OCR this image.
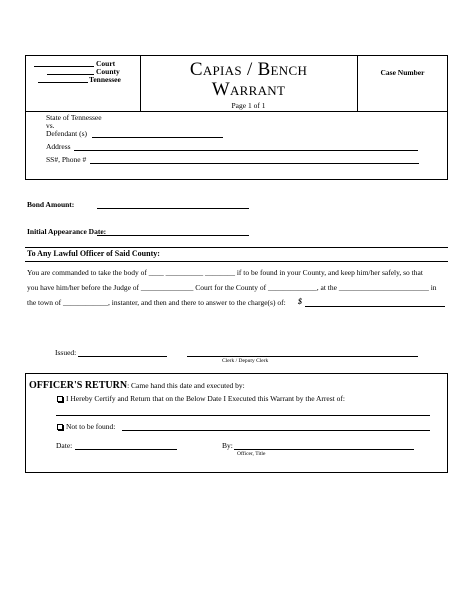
Court
County
Tennessee	Capias / Bench
Warrant
Page 1 of 1
Case Number
State of Tennessee
vs.
Defendant (s)
Address
SS#, Phone #
Bond Amount:
Initial Appearance Date:
To Any Lawful Officer of Said County:
You are commanded to take the body of ____ __________ ________ if to be found in your County, and keep him/her safely, so that
you have him/her before the Judge of ______________ Court for the County of _____________, at the ________________________ in
the town of ____________, instanter, and then and there to answer to the charge(s) of: $
Issued:
Clerk / Deputy Clerk
OFFICER'S RETURN: Came hand this date and executed by:
I Hereby Certify and Return that on the Below Date I Executed this Warrant by the Arrest of:
Not to be found:
Date:	By:
Officer, Title
